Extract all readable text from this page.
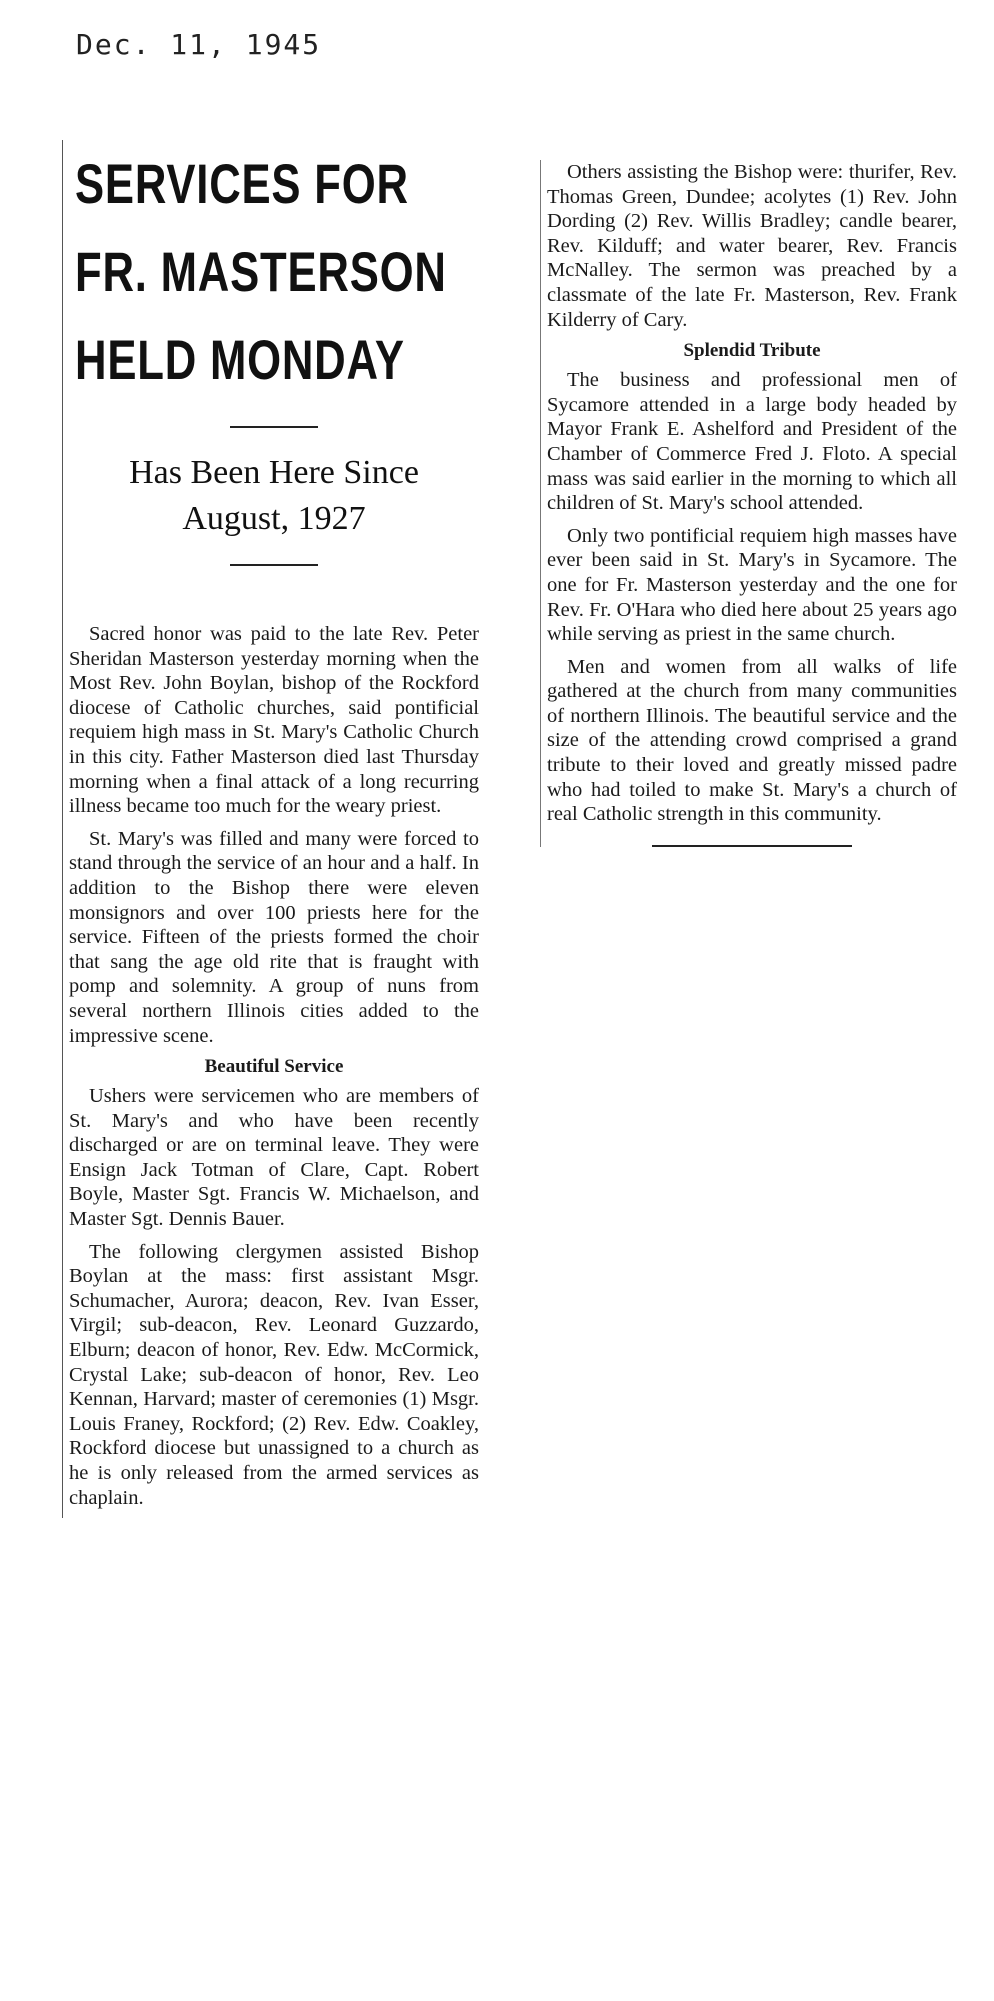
Dec. 11, 1945
SERVICES FOR
FR. MASTERSON
HELD MONDAY

Has Been Here Since

August, 1927

Sacred honor was paid to the late Rev. Peter Sheridan Masterson yesterday morning when the Most Rev. John Boylan, bishop of the Rockford diocese of Catholic churches, said pontificial requiem high mass in St. Mary's Catholic Church in this city. Father Masterson died last Thursday morning when a final attack of a long recurring illness became too much for the weary priest.

St. Mary's was filled and many were forced to stand through the service of an hour and a half. In addition to the Bishop there were eleven monsignors and over 100 priests here for the service. Fifteen of the priests formed the choir that sang the age old rite that is fraught with pomp and solemnity. A group of nuns from several northern Illinois cities added to the impressive scene.

Beautiful Service

Ushers were servicemen who are members of St. Mary's and who have been recently discharged or are on terminal leave. They were Ensign Jack Totman of Clare, Capt. Robert Boyle, Master Sgt. Francis W. Michaelson, and Master Sgt. Dennis Bauer.

The following clergymen assisted Bishop Boylan at the mass: first assistant Msgr. Schumacher, Aurora; deacon, Rev. Ivan Esser, Virgil; sub-deacon, Rev. Leonard Guzzardo, Elburn; deacon of honor, Rev. Edw. McCormick, Crystal Lake; sub-deacon of honor, Rev. Leo Kennan, Harvard; master of ceremonies (1) Msgr. Louis Franey, Rockford; (2) Rev. Edw. Coakley, Rockford diocese but unassigned to a church as he is only released from the armed services as chaplain.

Others assisting the Bishop were: thurifer, Rev. Thomas Green, Dundee; acolytes (1) Rev. John Dording (2) Rev. Willis Bradley; candle bearer, Rev. Kilduff; and water bearer, Rev. Francis McNalley. The sermon was preached by a classmate of the late Fr. Masterson, Rev. Frank Kilderry of Cary.

Splendid Tribute

The business and professional men of Sycamore attended in a large body headed by Mayor Frank E. Ashelford and President of the Chamber of Commerce Fred J. Floto. A special mass was said earlier in the morning to which all children of St. Mary's school attended.

Only two pontificial requiem high masses have ever been said in St. Mary's in Sycamore. The one for Fr. Masterson yesterday and the one for Rev. Fr. O'Hara who died here about 25 years ago while serving as priest in the same church.

Men and women from all walks of life gathered at the church from many communities of northern Illinois. The beautiful service and the size of the attending crowd comprised a grand tribute to their loved and greatly missed padre who had toiled to make St. Mary's a church of real Catholic strength in this community.
